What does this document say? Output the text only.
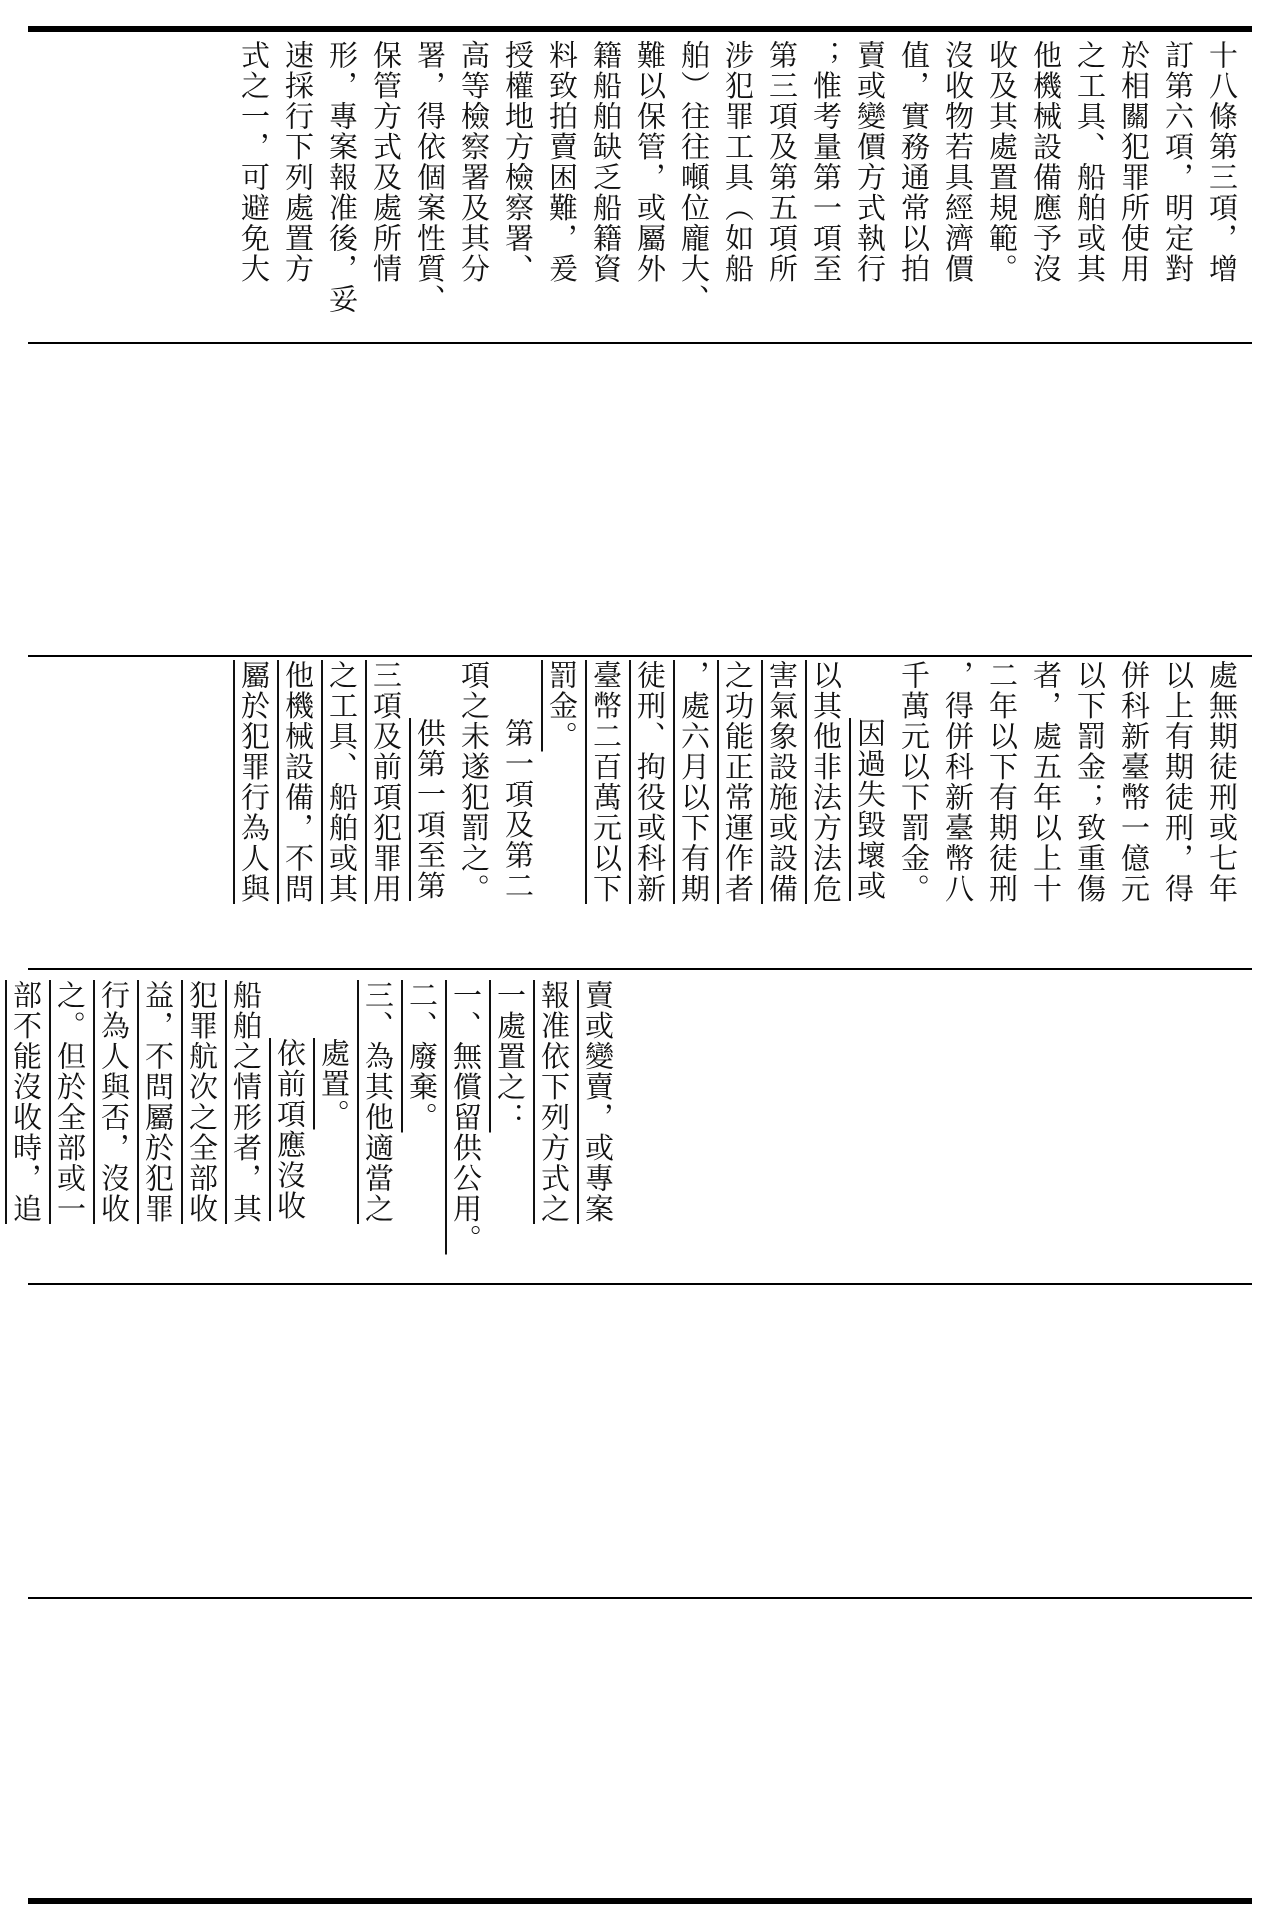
十八條第三項，增
訂第六項，明定對
於相關犯罪所使用
之工具、船舶或其
他機械設備應予沒
收及其處置規範。
沒收物若具經濟價
值，實務通常以拍
賣或變價方式執行
；惟考量第一項至
第三項及第五項所
涉犯罪工具（如船
舶）往往噸位龐大、
難以保管，或屬外
籍船舶缺乏船籍資
料致拍賣困難，爰
授權地方檢察署、
高等檢察署及其分
署，得依個案性質、
保管方式及處所情
形，專案報准後，妥
速採行下列處置方
式之一，可避免大
處無期徒刑或七年
以上有期徒刑，得
併科新臺幣一億元
以下罰金；致重傷
者，處五年以上十
二年以下有期徒刑
，得併科新臺幣八
千萬元以下罰金。
因過失毀壞或
以其他非法方法危
害氣象設施或設備
之功能正常運作者
，處六月以下有期
徒刑、拘役或科新
臺幣二百萬元以下
罰金。
第一項及第二
項之未遂犯罰之。
供第一項至第
三項及前項犯罪用
之工具、船舶或其
他機械設備，不問
屬於犯罪行為人與
賣或變賣，或專案
報准依下列方式之
一處置之：
一、無償留供公用。
二、廢棄。
三、為其他適當之
處置。
依前項應沒收
船舶之情形者，其
犯罪航次之全部收
益，不問屬於犯罪
行為人與否，沒收
之。但於全部或一
部不能沒收時，追
